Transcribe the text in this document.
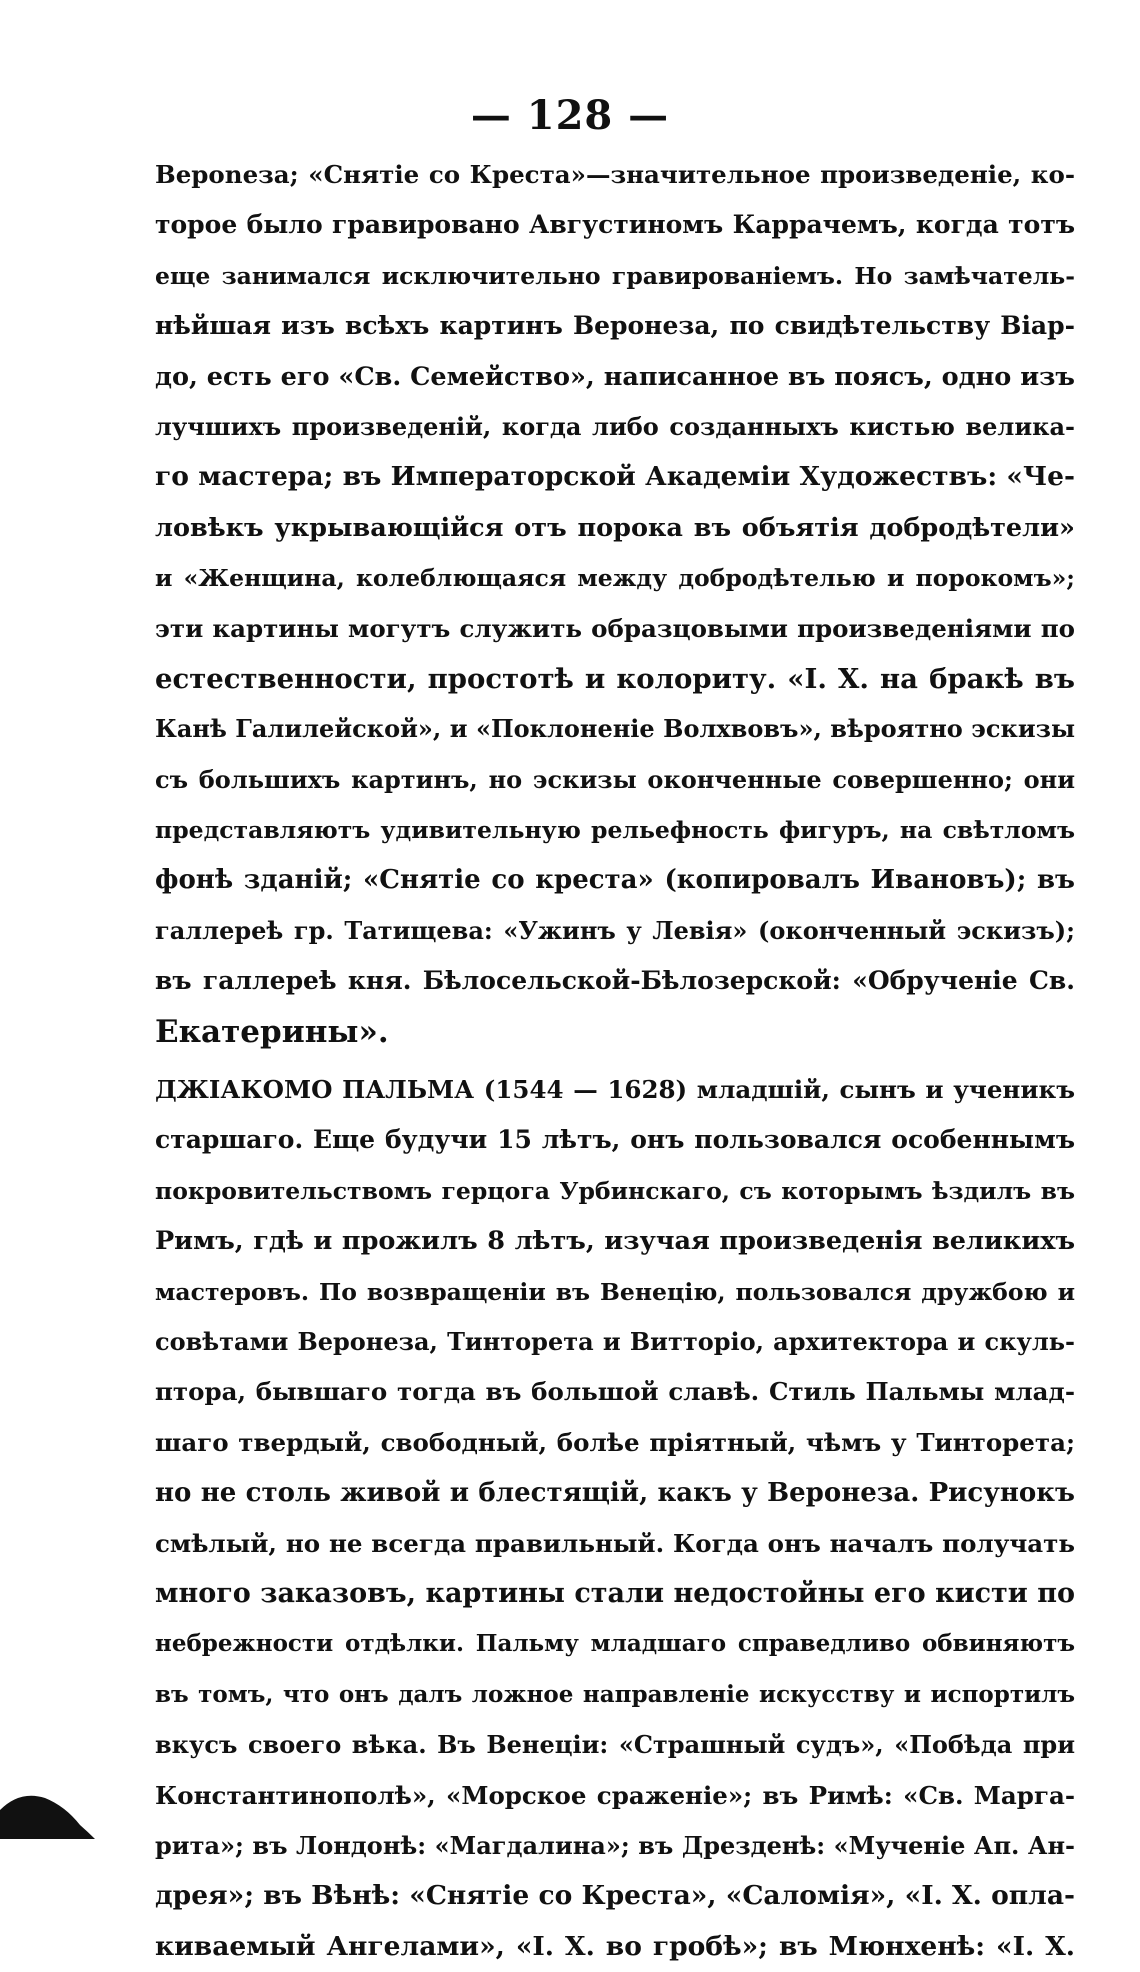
— 128 —
Вероneза; «Снятіе со Креста»—значительное произведеніе, ко-
торое было гравировано Августиномъ Каррачемъ, когда тотъ
еще занимался исключительно гравированіемъ. Но замѣчатель-
нѣйшая изъ всѣхъ картинъ Веронеза, по свидѣтельству Віар-
до, есть его «Св. Семейство», написанное въ поясъ, одно изъ
лучшихъ произведеній, когда либо созданныхъ кистью велика-
го мастера; въ Императорской Академіи Художествъ: «Че-
ловѣкъ укрывающійся отъ порока въ объятія добродѣтели»
и «Женщина, колеблющаяся между добродѣтелью и порокомъ»;
эти картины могутъ служить образцовыми произведеніями по
естественности, простотѣ и колориту. «І. Х. на бракѣ въ
Канѣ Галилейской», и «Поклоненіе Волхвовъ», вѣроятно эскизы
съ большихъ картинъ, но эскизы оконченные совершенно; они
представляютъ удивительную рельефность фигуръ, на свѣтломъ
фонѣ зданій; «Снятіе со креста» (копировалъ Ивановъ); въ
галлереѣ гр. Татищева: «Ужинъ у Левія» (оконченный эскизъ);
въ галлереѣ кня. Бѣлосельской-Бѣлозерской: «Обрученіе Св.
Екатерины».
ДЖІАКОМО ПАЛЬМА (1544 — 1628) младшій, сынъ и ученикъ
старшаго. Еще будучи 15 лѣтъ, онъ пользовался особеннымъ
покровительствомъ герцога Урбинскаго, съ которымъ ѣздилъ въ
Римъ, гдѣ и прожилъ 8 лѣтъ, изучая произведенія великихъ
мастеровъ. По возвращеніи въ Венецію, пользовался дружбою и
совѣтами Веронеза, Тинторета и Витторіо, архитектора и скуль-
птора, бывшаго тогда въ большой славѣ. Стиль Пальмы млад-
шаго твердый, свободный, болѣе пріятный, чѣмъ у Тинторета;
но не столь живой и блестящій, какъ у Веронеза. Рисунокъ
смѣлый, но не всегда правильный. Когда онъ началъ получать
много заказовъ, картины стали недостойны его кисти по
небрежности отдѣлки. Пальму младшаго справедливо обвиняютъ
въ томъ, что онъ далъ ложное направленіе искусству и испортилъ
вкусъ своего вѣка. Въ Венеціи: «Страшный судъ», «Побѣда при
Константинополѣ», «Морское сраженіе»; въ Римѣ: «Св. Марга-
рита»; въ Лондонѣ: «Магдалина»; въ Дрезденѣ: «Мученіе Ап. Ан-
дрея»; въ Вѣнѣ: «Снятіе со Креста», «Саломія», «І. Х. опла-
киваемый Ангелами», «І. Х. во гробѣ»; въ Мюнхенѣ: «І. Х.
